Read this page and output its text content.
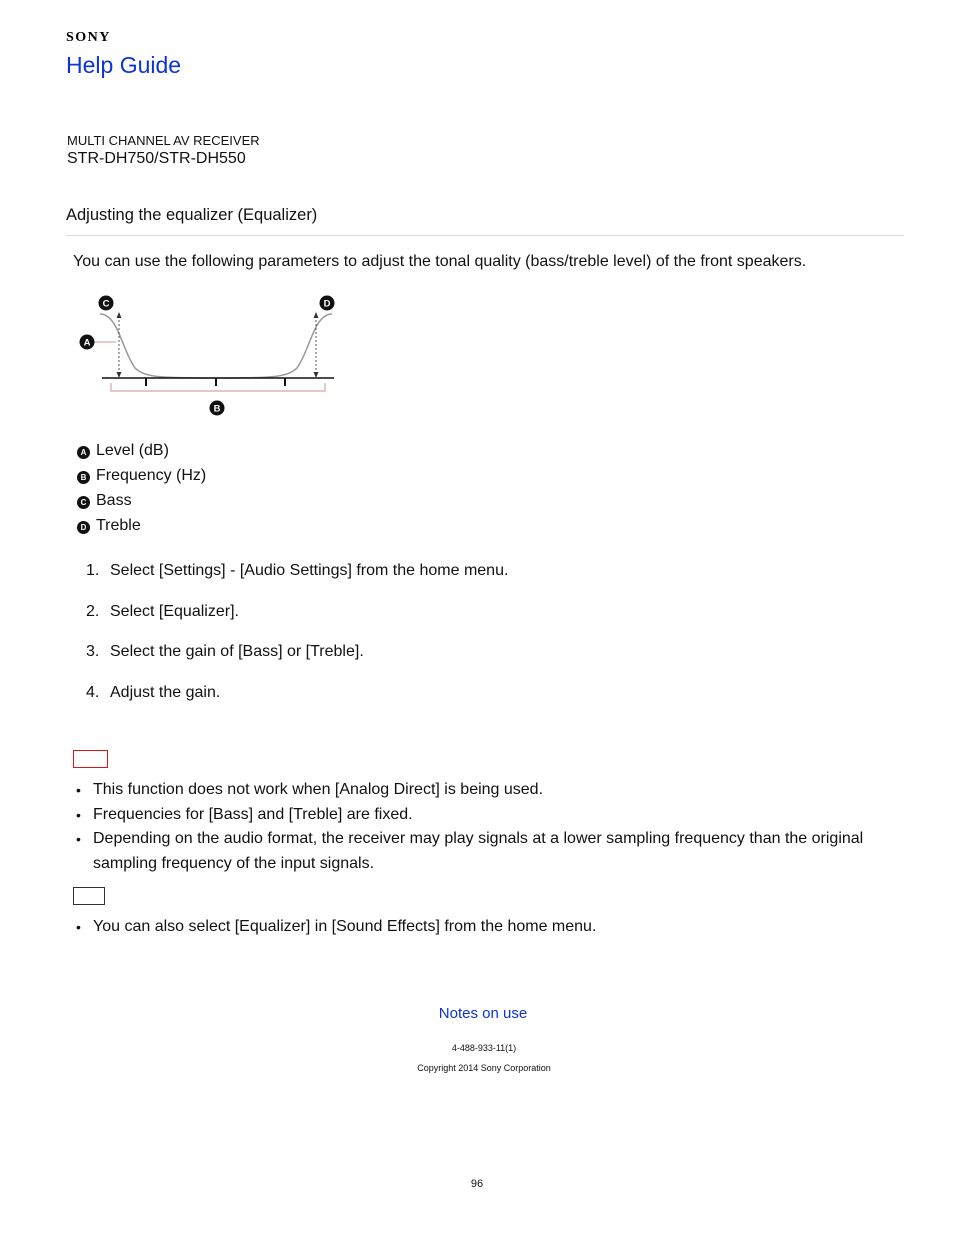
SONY
Help Guide
MULTI CHANNEL AV RECEIVER
STR-DH750/STR-DH550
Adjusting the equalizer (Equalizer)
You can use the following parameters to adjust the tonal quality (bass/treble level) of the front speakers.
A
B
C	D
A Level (dB)
B Frequency (Hz)
C Bass
D Treble
1. Select [Settings] - [Audio Settings] from the home menu.
2. Select [Equalizer].
3. Select the gain of [Bass] or [Treble].
4. Adjust the gain.
• This function does not work when [Analog Direct] is being used.
• Frequencies for [Bass] and [Treble] are fixed.
• Depending on the audio format, the receiver may play signals at a lower sampling frequency than the original sampling frequency of the input signals.
• You can also select [Equalizer] in [Sound Effects] from the home menu.
Notes on use
4-488-933-11(1)
Copyright 2014 Sony Corporation
96
